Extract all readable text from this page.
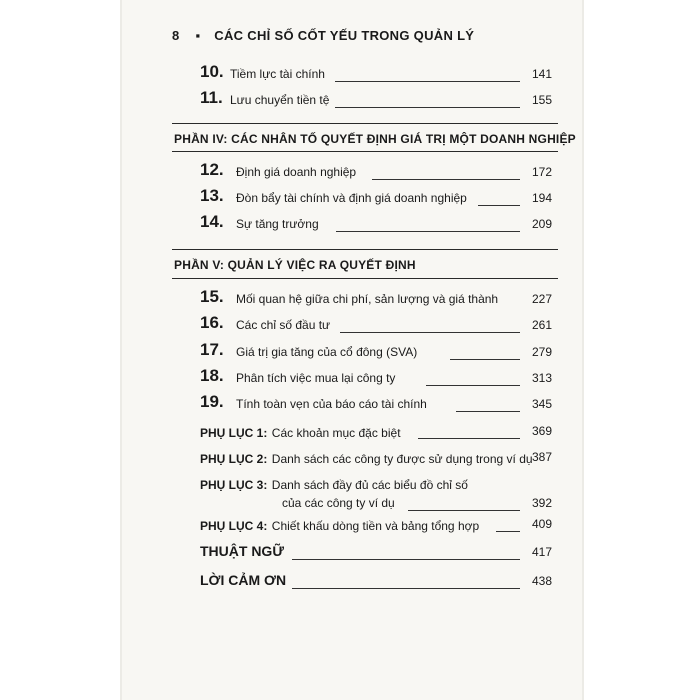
8 ▪ CÁC CHỈ SỐ CỐT YẾU TRONG QUẢN LÝ
10. Tiềm lực tài chính	141
11. Lưu chuyển tiền tệ	155
PHẦN IV: CÁC NHÂN TỐ QUYẾT ĐỊNH GIÁ TRỊ MỘT DOANH NGHIỆP
12. Định giá doanh nghiệp	172
13. Đòn bẩy tài chính và định giá doanh nghiệp	194
14. Sự tăng trưởng	209
PHẦN V: QUẢN LÝ VIỆC RA QUYẾT ĐỊNH
15. Mối quan hệ giữa chi phí, sản lượng và giá thành	227
16. Các chỉ số đầu tư	261
17. Giá trị gia tăng của cổ đông (SVA)	279
18. Phân tích việc mua lại công ty	313
19. Tính toàn vẹn của báo cáo tài chính	345
PHỤ LỤC 1: Các khoản mục đặc biệt	369
PHỤ LỤC 2: Danh sách các công ty được sử dụng trong ví dụ 387
PHỤ LỤC 3: Danh sách đầy đủ các biểu đồ chỉ số
của các công ty ví dụ	392
PHỤ LỤC 4: Chiết khấu dòng tiền và bảng tổng hợp	409
THUẬT NGỮ	417
LỜI CẢM ƠN	438
